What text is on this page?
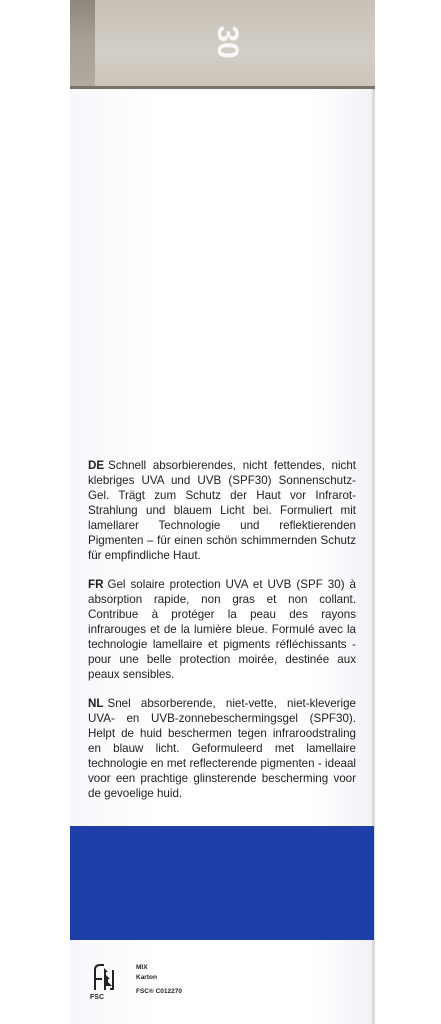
30

DE Schnell absorbierendes, nicht fettendes, nicht klebriges UVA und UVB (SPF30) Sonnenschutz-Gel. Trägt zum Schutz der Haut vor Infrarot-Strahlung und blauem Licht bei. Formuliert mit lamellarer Technologie und reflektierenden Pigmenten – für einen schön schimmernden Schutz für empfindliche Haut.

FR Gel solaire protection UVA et UVB (SPF 30) à absorption rapide, non gras et non collant. Contribue à protéger la peau des rayons infrarouges et de la lumière bleue. Formulé avec la technologie lamellaire et pigments réfléchissants - pour une belle protection moirée, destinée aux peaux sensibles.

NL Snel absorberende, niet-vette, niet-kleverige UVA- en UVB-zonnebeschermingsgel (SPF30). Helpt de huid beschermen tegen infraroodstraling en blauw licht. Geformuleerd met lamellaire technologie en met reflecterende pigmenten - ideaal voor een prachtige glinsterende bescherming voor de gevoelige huid.

FSC
MIX
Karton
FSC® C012270
